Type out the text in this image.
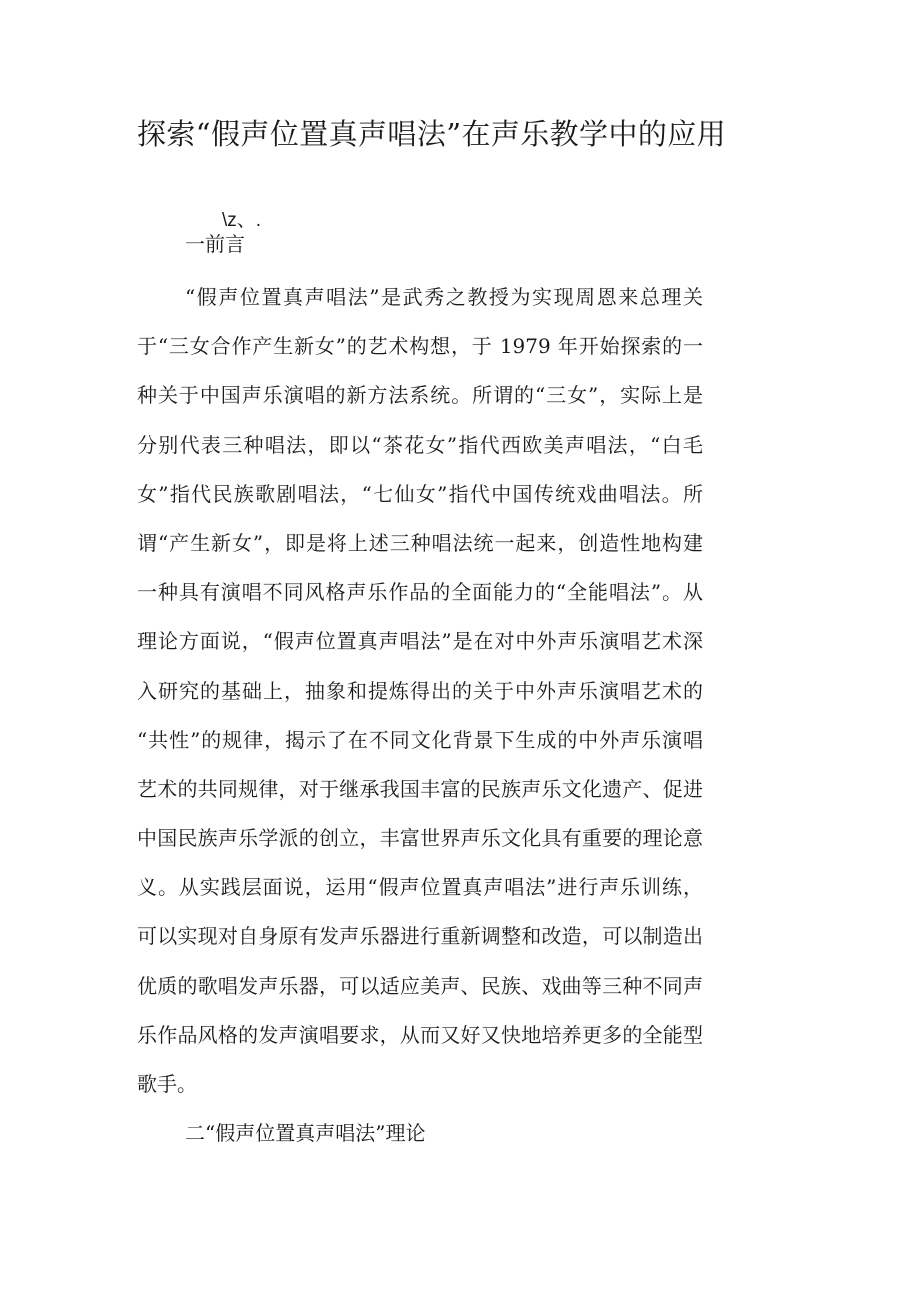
探索“假声位置真声唱法”在声乐教学中的应用
\z、.
一前言
“假声位置真声唱法”是武秀之教授为实现周恩来总理关
于“三女合作产生新女”的艺术构想，于 1979 年开始探索的一
种关于中国声乐演唱的新方法系统。所谓的“三女”，实际上是
分别代表三种唱法，即以“茶花女”指代西欧美声唱法，“白毛
女”指代民族歌剧唱法，“七仙女”指代中国传统戏曲唱法。所
谓“产生新女”，即是将上述三种唱法统一起来，创造性地构建
一种具有演唱不同风格声乐作品的全面能力的“全能唱法”。从
理论方面说，“假声位置真声唱法”是在对中外声乐演唱艺术深
入研究的基础上，抽象和提炼得出的关于中外声乐演唱艺术的
“共性”的规律，揭示了在不同文化背景下生成的中外声乐演唱
艺术的共同规律，对于继承我国丰富的民族声乐文化遗产、促进
中国民族声乐学派的创立，丰富世界声乐文化具有重要的理论意
义。从实践层面说，运用“假声位置真声唱法”进行声乐训练，
可以实现对自身原有发声乐器进行重新调整和改造，可以制造出
优质的歌唱发声乐器，可以适应美声、民族、戏曲等三种不同声
乐作品风格的发声演唱要求，从而又好又快地培养更多的全能型
歌手。
二“假声位置真声唱法”理论
